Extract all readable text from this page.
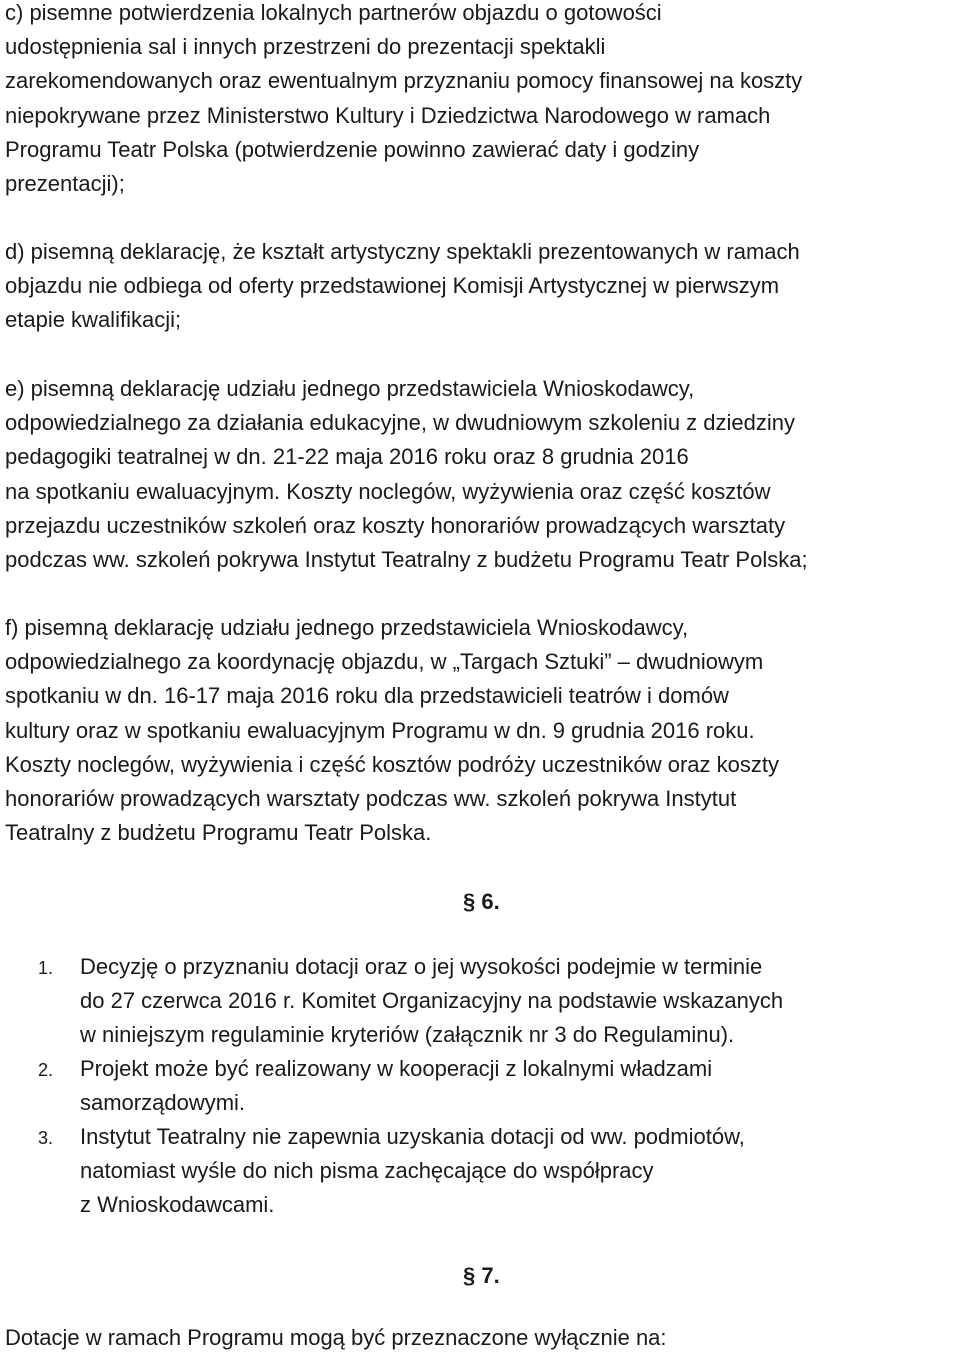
c) pisemne potwierdzenia lokalnych partnerów objazdu o gotowości
udostępnienia sal i innych przestrzeni do prezentacji spektakli
zarekomendowanych oraz ewentualnym przyznaniu pomocy finansowej na koszty
niepokrywane przez Ministerstwo Kultury i Dziedzictwa Narodowego w ramach
Programu Teatr Polska (potwierdzenie powinno zawierać daty i godziny
prezentacji);
d) pisemną deklarację, że kształt artystyczny spektakli prezentowanych w ramach
objazdu nie odbiega od oferty przedstawionej Komisji Artystycznej w pierwszym
etapie kwalifikacji;
e) pisemną deklarację udziału jednego przedstawiciela Wnioskodawcy,
odpowiedzialnego za działania edukacyjne, w dwudniowym szkoleniu z dziedziny
pedagogiki teatralnej w dn. 21-22 maja 2016 roku oraz 8 grudnia 2016
na spotkaniu ewaluacyjnym. Koszty noclegów, wyżywienia oraz część kosztów
przejazdu uczestników szkoleń oraz koszty honorariów prowadzących warsztaty
podczas ww. szkoleń pokrywa Instytut Teatralny z budżetu Programu Teatr Polska;
f) pisemną deklarację udziału jednego przedstawiciela Wnioskodawcy,
odpowiedzialnego za koordynację objazdu, w „Targach Sztuki” – dwudniowym
spotkaniu w dn. 16-17 maja 2016 roku dla przedstawicieli teatrów i domów
kultury oraz w spotkaniu ewaluacyjnym Programu w dn. 9 grudnia 2016 roku.
Koszty noclegów, wyżywienia i część kosztów podróży uczestników oraz koszty
honorariów prowadzących warsztaty podczas ww. szkoleń pokrywa Instytut
Teatralny z budżetu Programu Teatr Polska.
§ 6.
1. Decyzję o przyznaniu dotacji oraz o jej wysokości podejmie w terminie
do 27 czerwca 2016 r. Komitet Organizacyjny na podstawie wskazanych
w niniejszym regulaminie kryteriów (załącznik nr 3 do Regulaminu).
2. Projekt może być realizowany w kooperacji z lokalnymi władzami
samorządowymi.
3. Instytut Teatralny nie zapewnia uzyskania dotacji od ww. podmiotów,
natomiast wyśle do nich pisma zachęcające do współpracy
z Wnioskodawcami.
§ 7.
Dotacje w ramach Programu mogą być przeznaczone wyłącznie na:
